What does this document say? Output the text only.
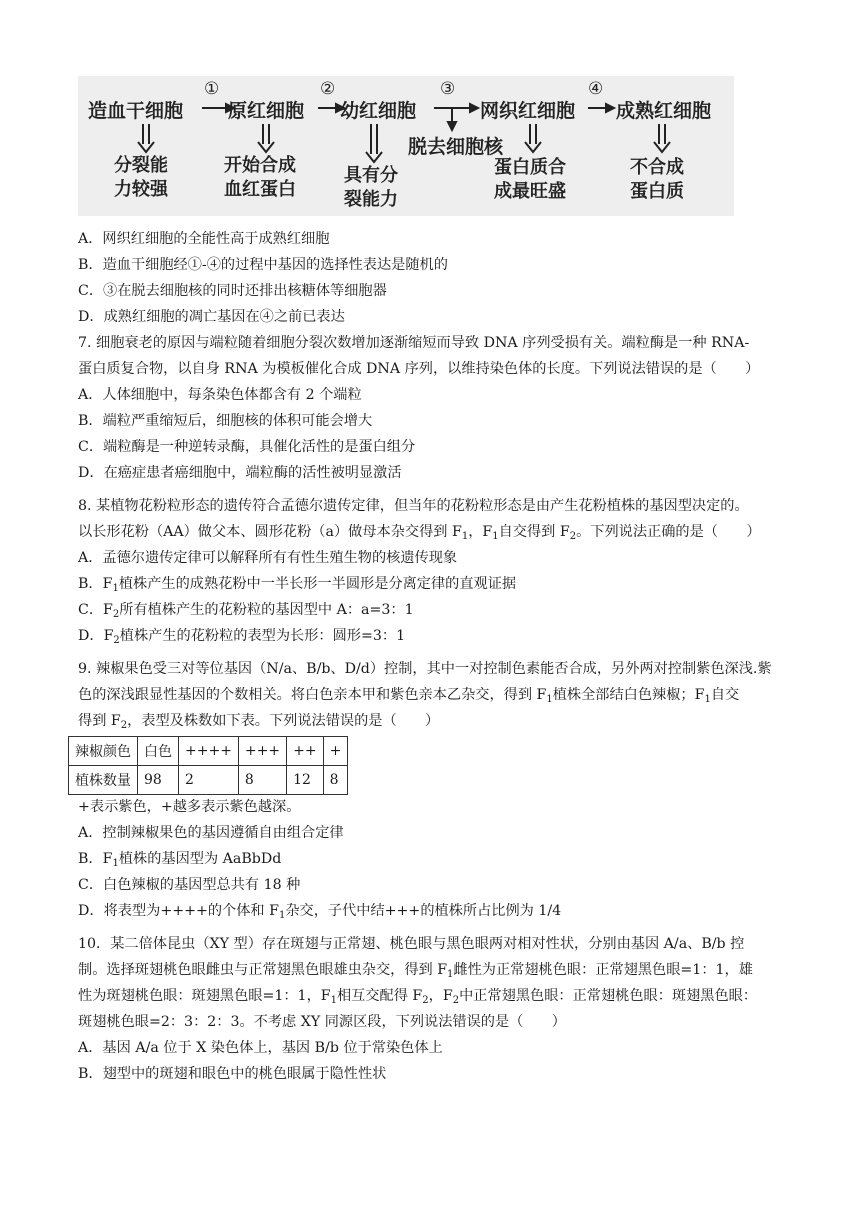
造血干细胞
①
原红细胞
②
幼红细胞
③
网织红细胞
④
成熟红细胞
脱去细胞核
分裂能
力较强
开始合成
血红蛋白
具有分
裂能力
蛋白质合
成最旺盛
不合成
蛋白质
A．网织红细胞的全能性高于成熟红细胞
B．造血干细胞经①-④的过程中基因的选择性表达是随机的
C．③在脱去细胞核的同时还排出核糖体等细胞器
D．成熟红细胞的凋亡基因在④之前已表达
7. 细胞衰老的原因与端粒随着细胞分裂次数增加逐渐缩短而导致 DNA 序列受损有关。端粒酶是一种 RNA-
蛋白质复合物，以自身 RNA 为模板催化合成 DNA 序列，以维持染色体的长度。下列说法错误的是（　　）
A．人体细胞中，每条染色体都含有 2 个端粒
B．端粒严重缩短后，细胞核的体积可能会增大
C．端粒酶是一种逆转录酶，具催化活性的是蛋白组分
D．在癌症患者癌细胞中，端粒酶的活性被明显激活
8. 某植物花粉粒形态的遗传符合孟德尔遗传定律，但当年的花粉粒形态是由产生花粉植株的基因型决定的。
以长形花粉（AA）做父本、圆形花粉（a）做母本杂交得到 $F_1$，$F_1$自交得到 $F_2$。下列说法正确的是（　　）
A．孟德尔遗传定律可以解释所有有性生殖生物的核遗传现象
B．$F_1$植株产生的成熟花粉中一半长形一半圆形是分离定律的直观证据
C．$F_2$所有植株产生的花粉粒的基因型中 A：a=3：1
D．$F_2$植株产生的花粉粒的表型为长形：圆形=3：1
9. 辣椒果色受三对等位基因（N/a、B/b、D/d）控制，其中一对控制色素能否合成，另外两对控制紫色深浅.紫
色的深浅跟显性基因的个数相关。将白色亲本甲和紫色亲本乙杂交，得到 $F_1$植株全部结白色辣椒；$F_1$自交
得到 $F_2$，表型及株数如下表。下列说法错误的是（　　）
辣椒颜色	白色	++++	+++	++	+
植株数量	98	2	8	12	8
+表示紫色，+越多表示紫色越深。
A．控制辣椒果色的基因遵循自由组合定律
B．$F_1$植株的基因型为 AaBbDd
C．白色辣椒的基因型总共有 18 种
D．将表型为++++的个体和 $F_1$杂交，子代中结+++的植株所占比例为 1/4
10．某二倍体昆虫（XY 型）存在斑翅与正常翅、桃色眼与黑色眼两对相对性状，分别由基因 A/a、B/b 控
制。选择斑翅桃色眼雌虫与正常翅黑色眼雄虫杂交，得到 $F_1$雌性为正常翅桃色眼：正常翅黑色眼=1：1，雄
性为斑翅桃色眼：斑翅黑色眼=1：1，$F_1$相互交配得 $F_2$，$F_2$中正常翅黑色眼：正常翅桃色眼：斑翅黑色眼：
斑翅桃色眼=2：3：2：3。不考虑 XY 同源区段，下列说法错误的是（　　）
A．基因 A/a 位于 X 染色体上，基因 B/b 位于常染色体上
B．翅型中的斑翅和眼色中的桃色眼属于隐性性状
